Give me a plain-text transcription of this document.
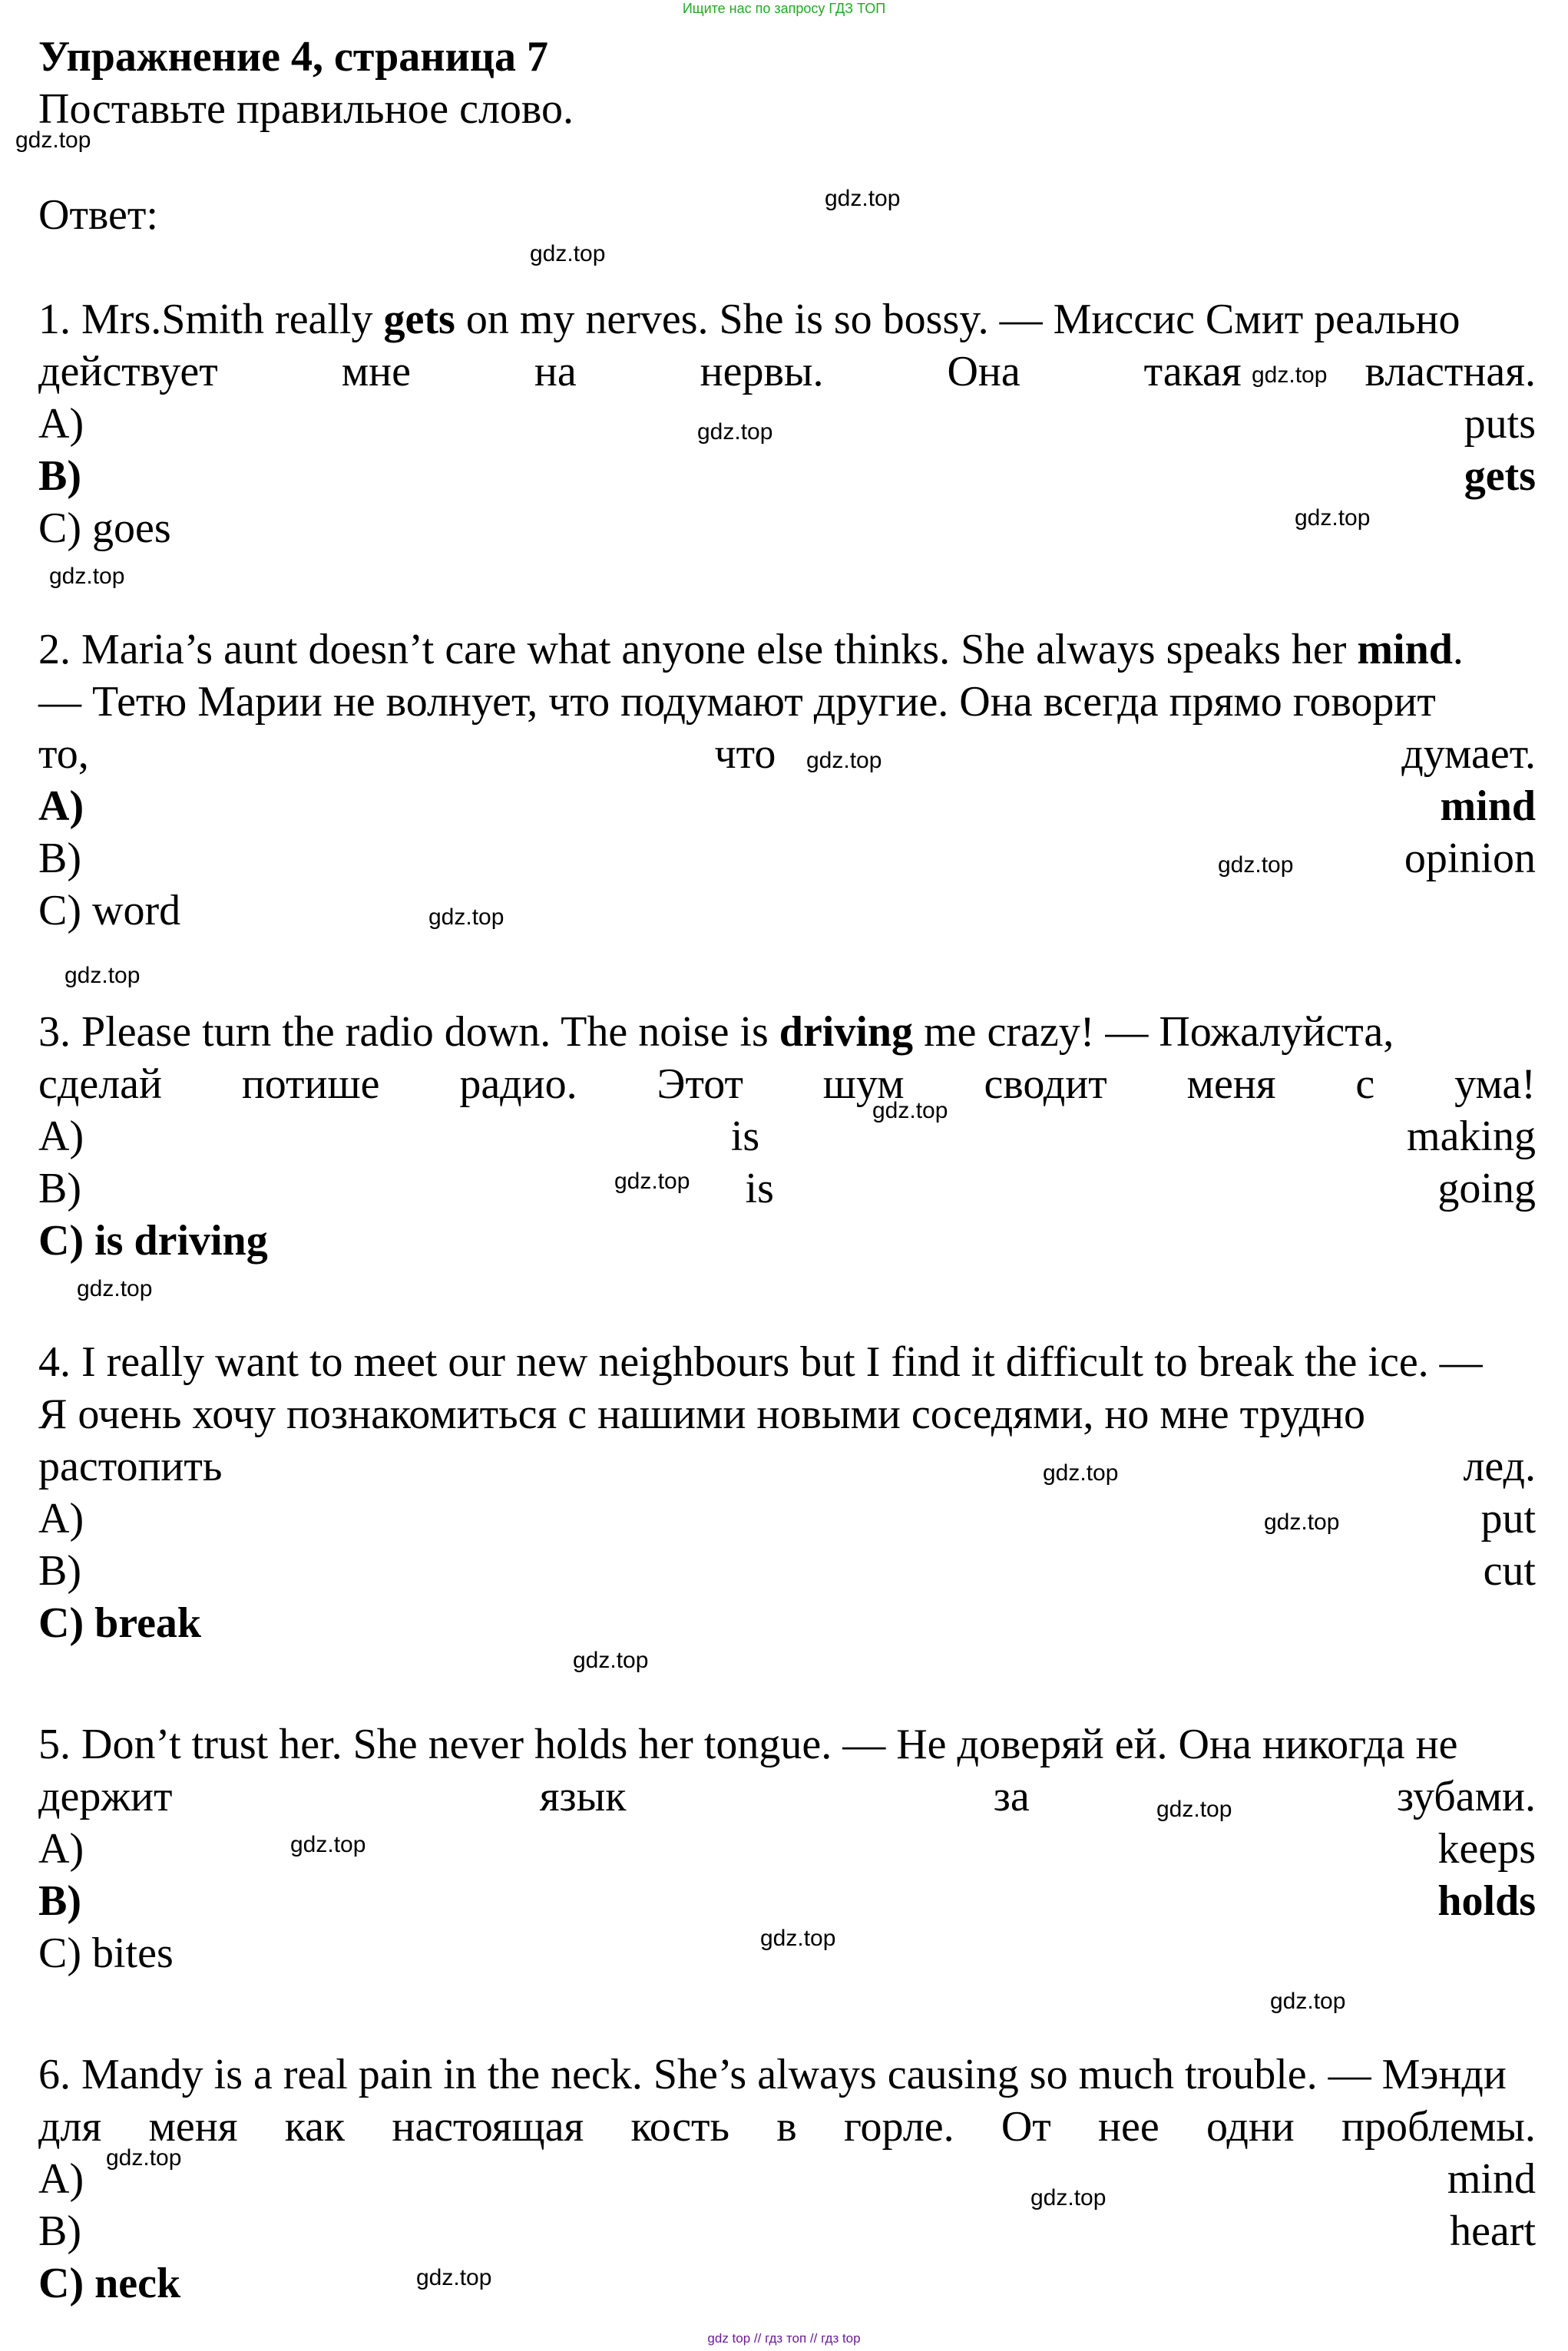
Ищите нас по запросу ГДЗ ТОП
Упражнение 4, страница 7
Поставьте правильное слово.
Ответ:
1. Mrs.Smith really gets on my nerves. She is so bossy. — Миссис Смит реально
действует	мне	на	нервы.	Она	такая	властная.
A)	puts
B)	gets
C) goes
2. Maria’s aunt doesn’t care what anyone else thinks. She always speaks her mind.
— Тетю Марии не волнует, что подумают другие. Она всегда прямо говорит
то,	что	думает.
A)	mind
B)	opinion
C) word
3. Please turn the radio down. The noise is driving me crazy! — Пожалуйста,
сделай потише радио. Этот шум сводит меня с ума!
A)	is	making
B)	is	going
C) is driving
4. I really want to meet our new neighbours but I find it difficult to break the ice. —
Я очень хочу познакомиться с нашими новыми соседями, но мне трудно
растопить	лед.
A)	put
B)	cut
C) break
5. Don’t trust her. She never holds her tongue. — Не доверяй ей. Она никогда не
держит	язык	за	зубами.
A)	keeps
B)	holds
C) bites
6. Mandy is a real pain in the neck. She’s always causing so much trouble. — Мэнди
для меня как настоящая кость в горле. От нее одни проблемы.
A)	mind
B)	heart
C) neck
gdz.top
gdz.top
gdz.top
gdz.top
gdz.top
gdz.top
gdz.top
gdz.top
gdz.top
gdz.top
gdz.top
gdz.top
gdz.top
gdz.top
gdz.top
gdz.top
gdz.top
gdz.top
gdz.top
gdz.top
gdz.top
gdz.top
gdz.top
gdz.top
gdz top // гдз топ // гдз top
